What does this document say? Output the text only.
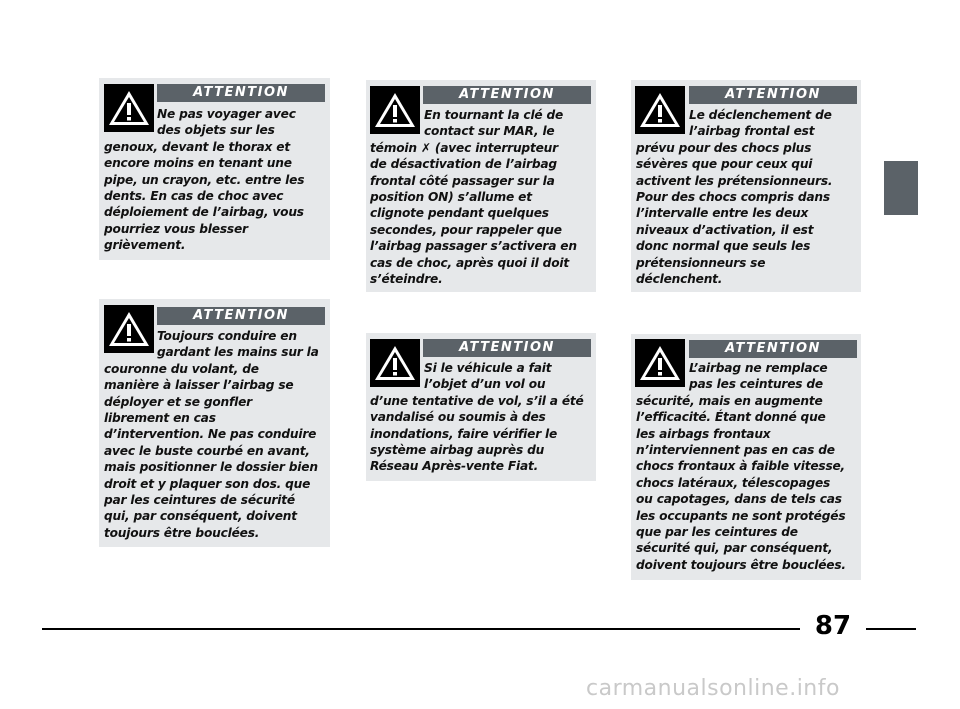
ATTENTION
Ne pas voyager avec
des objets sur les
genoux, devant le thorax et
encore moins en tenant une
pipe, un crayon, etc. entre les
dents. En cas de choc avec
déploiement de l’airbag, vous
pourriez vous blesser
grièvement.
ATTENTION
Toujours conduire en
gardant les mains sur la
couronne du volant, de
manière à laisser l’airbag se
déployer et se gonfler
librement en cas
d’intervention. Ne pas conduire
avec le buste courbé en avant,
mais positionner le dossier bien
droit et y plaquer son dos. que
par les ceintures de sécurité
qui, par conséquent, doivent
toujours être bouclées.
ATTENTION
En tournant la clé de
contact sur MAR, le
témoin ✗ (avec interrupteur
de désactivation de l’airbag
frontal côté passager sur la
position ON) s’allume et
clignote pendant quelques
secondes, pour rappeler que
l’airbag passager s’activera en
cas de choc, après quoi il doit
s’éteindre.
ATTENTION
Si le véhicule a fait
l’objet d’un vol ou
d’une tentative de vol, s’il a été
vandalisé ou soumis à des
inondations, faire vérifier le
système airbag auprès du
Réseau Après-vente Fiat.
ATTENTION
Le déclenchement de
l’airbag frontal est
prévu pour des chocs plus
sévères que pour ceux qui
activent les prétensionneurs.
Pour des chocs compris dans
l’intervalle entre les deux
niveaux d’activation, il est
donc normal que seuls les
prétensionneurs se
déclenchent.
ATTENTION
L’airbag ne remplace
pas les ceintures de
sécurité, mais en augmente
l’efficacité. Étant donné que
les airbags frontaux
n’interviennent pas en cas de
chocs frontaux à faible vitesse,
chocs latéraux, télescopages
ou capotages, dans de tels cas
les occupants ne sont protégés
que par les ceintures de
sécurité qui, par conséquent,
doivent toujours être bouclées.
87
carmanualsonline.info
